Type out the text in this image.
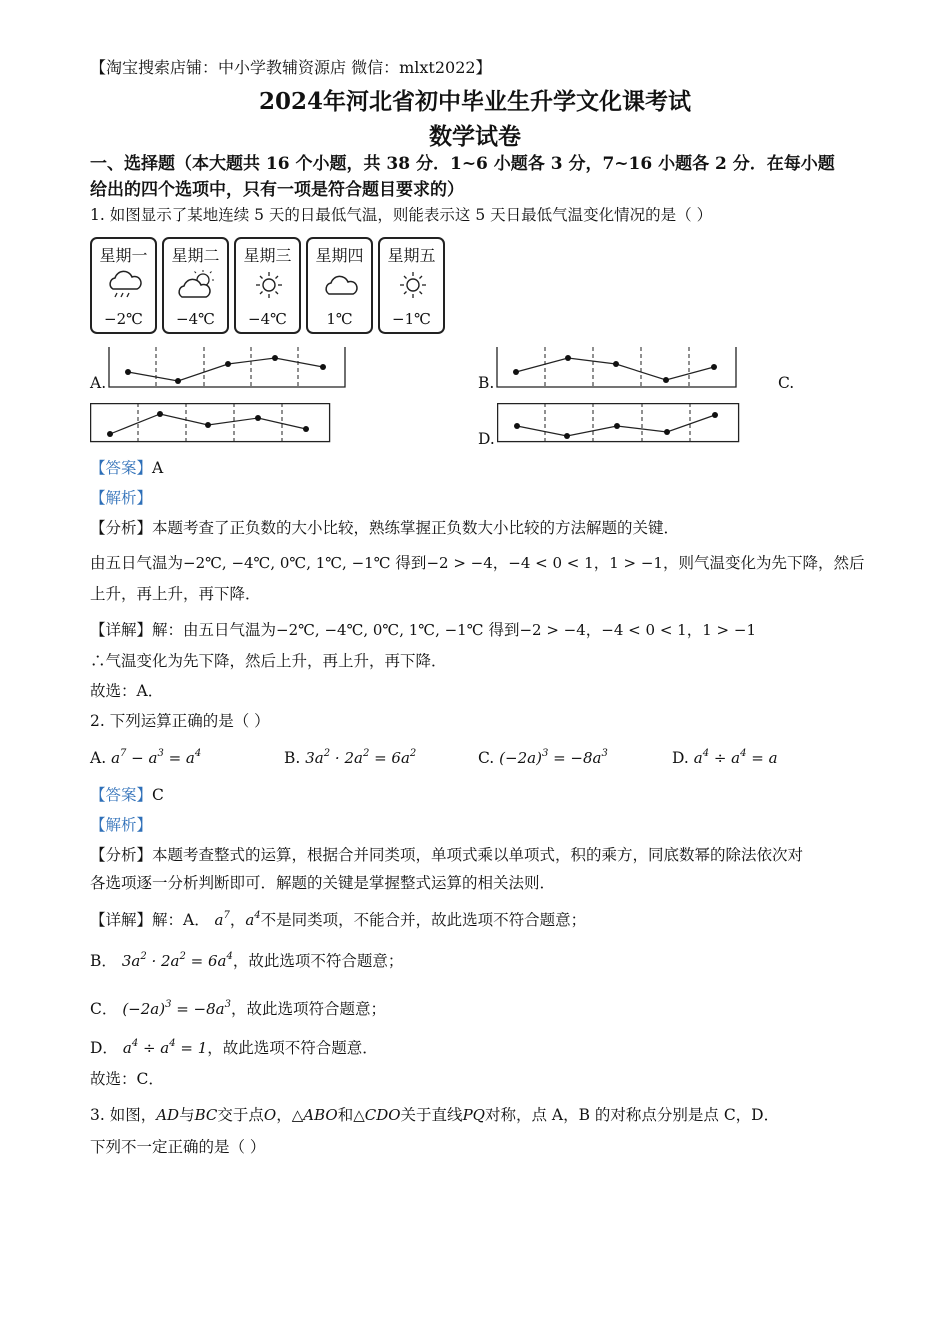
【淘宝搜索店铺：中小学教辅资源店 微信：mlxt2022】
2024年河北省初中毕业生升学文化课考试
数学试卷
一、选择题（本大题共 16 个小题，共 38 分．1~6 小题各 3 分，7~16 小题各 2 分．在每小题
给出的四个选项中，只有一项是符合题目要求的）
1. 如图显示了某地连续 5 天的日最低气温，则能表示这 5 天日最低气温变化情况的是（ ）
星期一
−2℃
星期二
−4℃
星期三
−4℃
星期四
1℃
星期五
−1℃
A.	B.	C.
D.
【答案】A
【解析】
【分析】本题考查了正负数的大小比较，熟练掌握正负数大小比较的方法解题的关键．
由五日气温为−2℃, −4℃, 0℃, 1℃, −1℃ 得到−2 > −4，−4 < 0 < 1，1 > −1，则气温变化为先下降，然后
上升，再上升，再下降．
【详解】解：由五日气温为−2℃, −4℃, 0℃, 1℃, −1℃ 得到−2 > −4，−4 < 0 < 1，1 > −1
∴气温变化为先下降，然后上升，再上升，再下降．
故选：A．
2. 下列运算正确的是（ ）
A. $a^7 - a^3 = a^4$	B. $3a^2 \cdot 2a^2 = 6a^2$	C. $(-2a)^3 = -8a^3$	D. $a^4 \div a^4 = a$
【答案】C
【解析】
【分析】本题考查整式的运算，根据合并同类项，单项式乘以单项式，积的乘方，同底数幂的除法依次对
各选项逐一分析判断即可．解题的关键是掌握整式运算的相关法则．
【详解】解：A． $a^7$，$a^4$不是同类项，不能合并，故此选项不符合题意；
B． $3a^2 \cdot 2a^2 = 6a^4$，故此选项不符合题意；
C． $(-2a)^3 = -8a^3$，故此选项符合题意；
D． $a^4 \div a^4 = 1$，故此选项不符合题意．
故选：C．
3. 如图，AD与BC交于点O，△ABO和△CDO关于直线PQ对称，点 A，B 的对称点分别是点 C，D．
下列不一定正确的是（ ）
